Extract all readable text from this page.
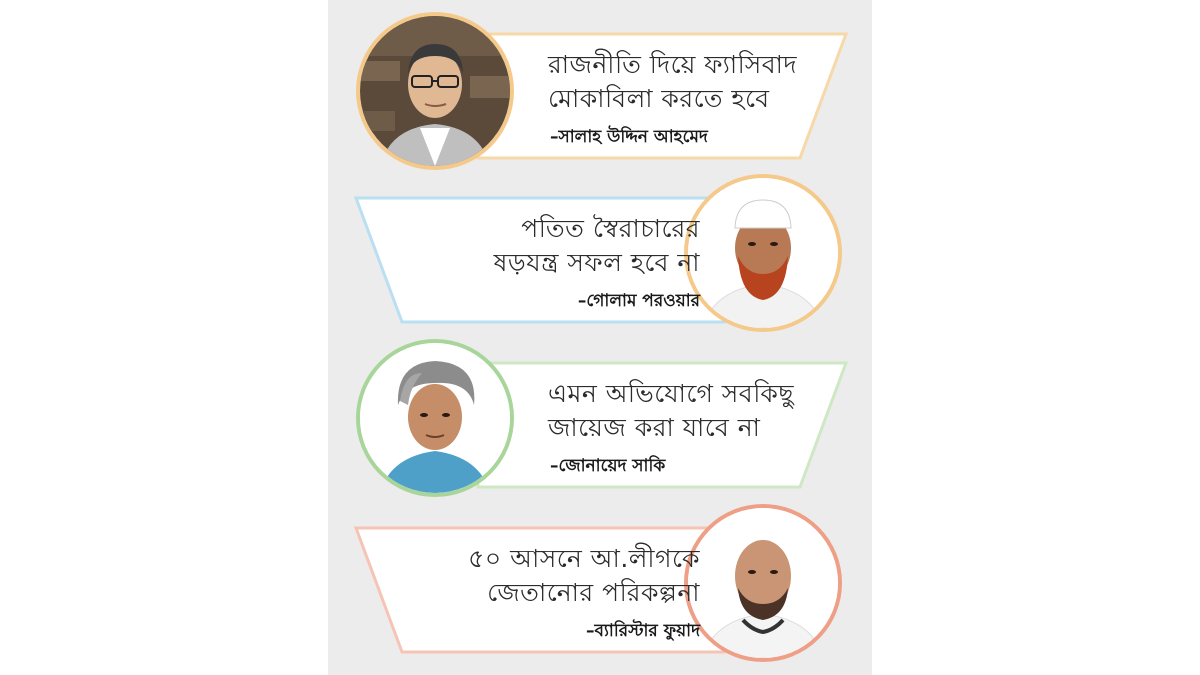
রাজনীতি দিয়ে ফ্যাসিবাদ
মোকাবিলা করতে হবে
–সালাহ উদ্দিন আহমেদ
পতিত স্বৈরাচারের
ষড়যন্ত্র সফল হবে না
–গোলাম পরওয়ার
এমন অভিযোগে সবকিছু
জায়েজ করা যাবে না
–জোনায়েদ সাকি
৫০ আসনে আ.লীগকে
জেতানোর পরিকল্পনা
–ব্যারিস্টার ফুয়াদ
